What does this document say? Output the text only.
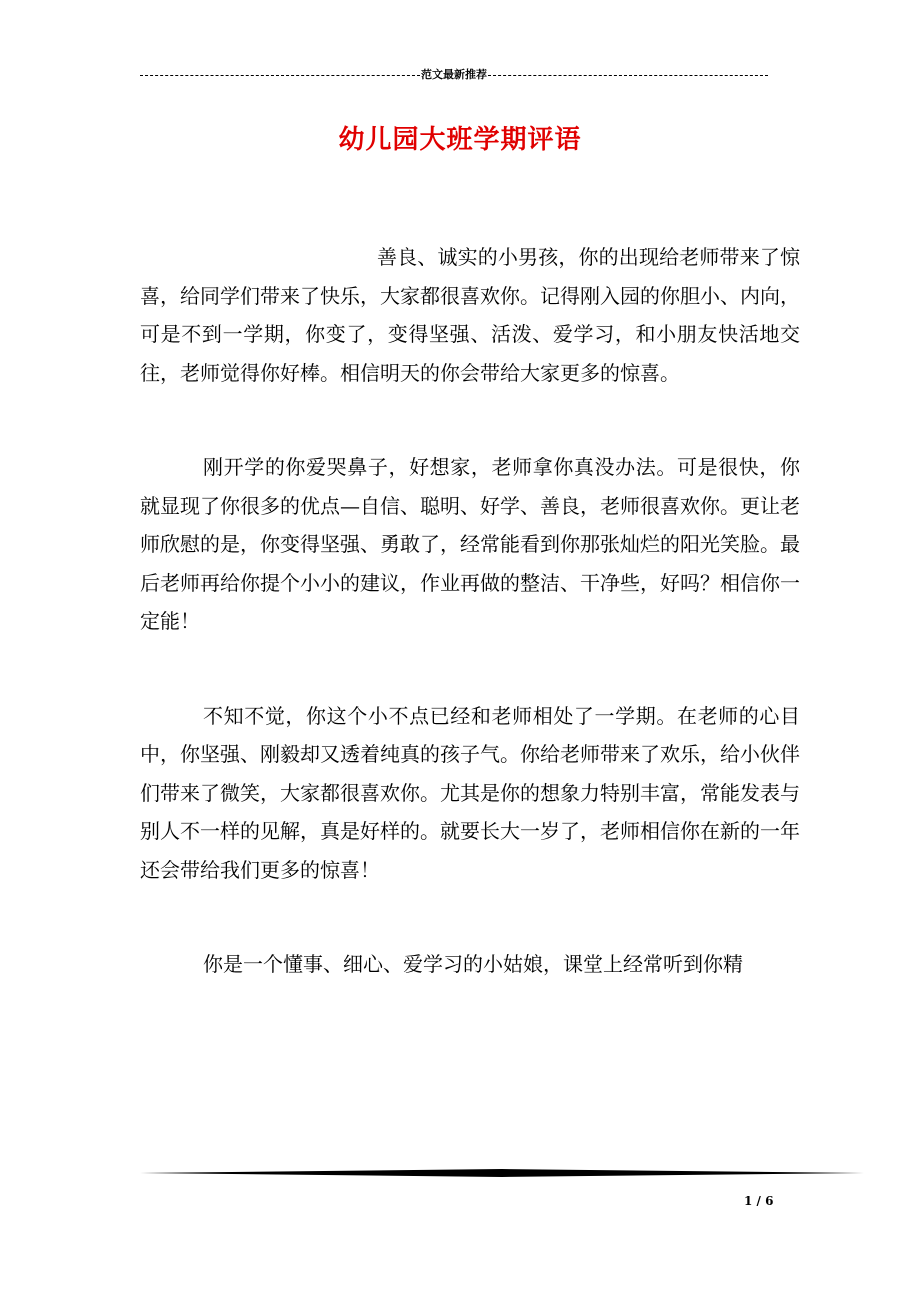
范文最新推荐
幼儿园大班学期评语

善良、诚实的小男孩，你的出现给老师带来了惊喜，给同学们带来了快乐，大家都很喜欢你。记得刚入园的你胆小、内向，可是不到一学期，你变了，变得坚强、活泼、爱学习，和小朋友快活地交往，老师觉得你好棒。相信明天的你会带给大家更多的惊喜。

刚开学的你爱哭鼻子，好想家，老师拿你真没办法。可是很快，你就显现了你很多的优点—自信、聪明、好学、善良，老师很喜欢你。更让老师欣慰的是，你变得坚强、勇敢了，经常能看到你那张灿烂的阳光笑脸。最后老师再给你提个小小的建议，作业再做的整洁、干净些，好吗？相信你一定能！

不知不觉，你这个小不点已经和老师相处了一学期。在老师的心目中，你坚强、刚毅却又透着纯真的孩子气。你给老师带来了欢乐，给小伙伴们带来了微笑，大家都很喜欢你。尤其是你的想象力特别丰富，常能发表与别人不一样的见解，真是好样的。就要长大一岁了，老师相信你在新的一年还会带给我们更多的惊喜！

你是一个懂事、细心、爱学习的小姑娘，课堂上经常听到你精

1 / 6
